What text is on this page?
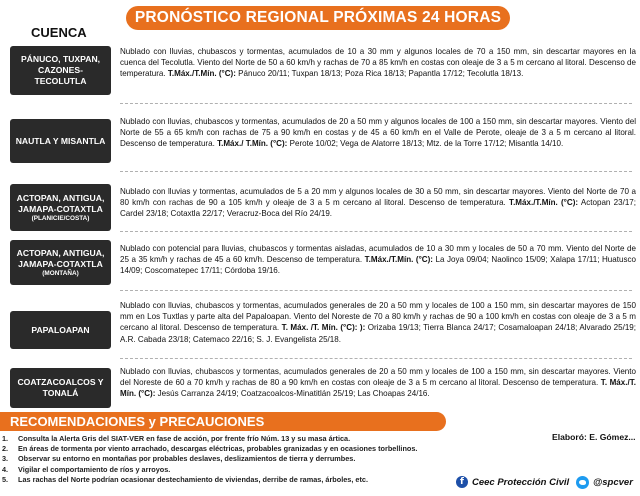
PRONÓSTICO REGIONAL PRÓXIMAS 24 HORAS
CUENCA
PÁNUCO, TUXPAN, CAZONES-TECOLUTLA
Nublado con lluvias, chubascos y tormentas, acumulados de 10 a 30 mm y algunos locales de 70 a 150 mm, sin descartar mayores en la cuenca del Tecolutla. Viento del Norte de 50 a 60 km/h y rachas de 70 a 85 km/h en costas con oleaje de 3 a 5 m cercano al litoral. Descenso de temperatura. T.Máx./T.Mín. (°C): Pánuco 20/11; Tuxpan 18/13; Poza Rica 18/13; Papantla 17/12; Tecolutla 18/13.
NAUTLA Y MISANTLA
Nublado con lluvias, chubascos y tormentas, acumulados de 20 a 50 mm y algunos locales de 100 a 150 mm, sin descartar mayores. Viento del Norte de 55 a 65 km/h con rachas de 75 a 90 km/h en costas y de 45 a 60 km/h en el Valle de Perote, oleaje de 3 a 5 m cercano al litoral. Descenso de temperatura. T.Máx./ T.Mín. (°C): Perote 10/02; Vega de Alatorre 18/13; Mtz. de la Torre 17/12; Misantla 14/10.
ACTOPAN, ANTIGUA, JAMAPA-COTAXTLA
(PLANICIE/COSTA)
Nublado con lluvias y tormentas, acumulados de 5 a 20 mm y algunos locales de 30 a 50 mm, sin descartar mayores. Viento del Norte de 70 a 80 km/h con rachas de 90 a 105 km/h y oleaje de 3 a 5 m cercano al litoral. Descenso de temperatura. T.Máx./T.Mín. (°C): Actopan 23/17; Cardel 23/18; Cotaxtla 22/17; Veracruz-Boca del Río 24/19.
ACTOPAN, ANTIGUA, JAMAPA-COTAXTLA
(MONTAÑA)
Nublado con potencial para lluvias, chubascos y tormentas aisladas, acumulados de 10 a 30 mm y locales de 50 a 70 mm. Viento del Norte de 25 a 35 km/h y rachas de 45 a 60 km/h. Descenso de temperatura. T.Máx./T.Mín. (°C): La Joya 09/04; Naolinco 15/09; Xalapa 17/11; Huatusco 14/09; Coscomatepec 17/11; Córdoba 19/16.
PAPALOAPAN
Nublado con lluvias, chubascos y tormentas, acumulados generales de 20 a 50 mm y locales de 100 a 150 mm, sin descartar mayores de 150 mm en Los Tuxtlas y parte alta del Papaloapan. Viento del Noreste de 70 a 80 km/h y rachas de 90 a 100 km/h en costas con oleaje de 3 a 5 m cercano al litoral. Descenso de temperatura. T. Máx. /T. Mín. (°C): ): Orizaba 19/13; Tierra Blanca 24/17; Cosamaloapan 24/18; Alvarado 25/19; A.R. Cabada 23/18; Catemaco 22/16; S. J. Evangelista 25/18.
COATZACOALCOS Y TONALÁ
Nublado con lluvias, chubascos y tormentas, acumulados generales de 20 a 50 mm y locales de 100 a 150 mm, sin descartar mayores. Viento del Noreste de 60 a 70 km/h y rachas de 80 a 90 km/h en costas con oleaje de 3 a 5 m cercano al litoral. Descenso de temperatura. T. Máx./T. Mín. (°C): Jesús Carranza 24/19; Coatzacoalcos-Minatitlán 25/19; Las Choapas 24/16.
RECOMENDACIONES y PRECAUCIONES
Elaboró: E. Gómez...
1.	Consulta la Alerta Gris del SIAT-VER en fase de acción, por frente frío Núm. 13 y su masa ártica.
2.	En áreas de tormenta por viento arrachado, descargas eléctricas, probables granizadas y en ocasiones torbellinos.
3.	Observar su entorno en montañas por probables deslaves, deslizamientos de tierra y derrumbes.
4.	Vigilar el comportamiento de ríos y arroyos.
5.	Las rachas del Norte podrían ocasionar destechamiento de viviendas, derribe de ramas, árboles, etc.	f Ceec Protección Civil	@spcver
